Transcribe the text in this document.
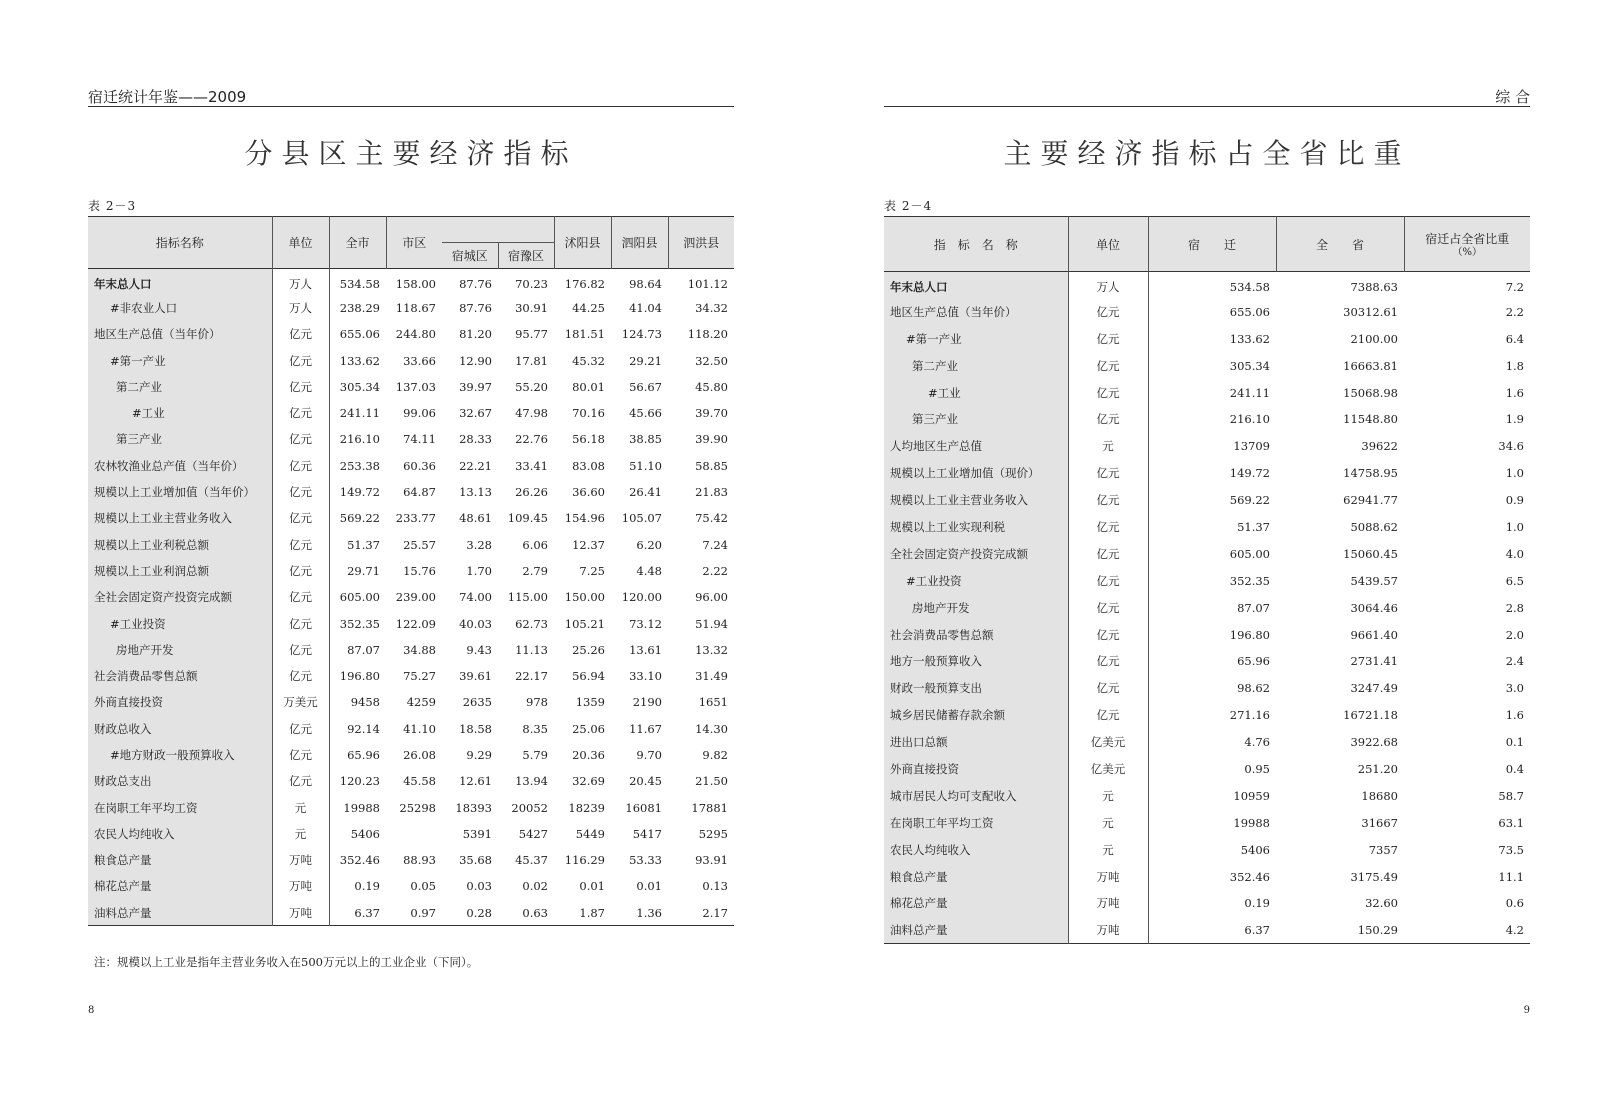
宿迁统计年鉴——2009
分县区主要经济指标
表 2－3
指标名称	单位	全市	市区			沭阳县	泗阳县	泗洪县
				宿城区	宿豫区			
年末总人口	万人	534.58	158.00	87.76	70.23	176.82	98.64	101.12
#非农业人口	万人	238.29	118.67	87.76	30.91	44.25	41.04	34.32
地区生产总值（当年价）	亿元	655.06	244.80	81.20	95.77	181.51	124.73	118.20
#第一产业	亿元	133.62	33.66	12.90	17.81	45.32	29.21	32.50
第二产业	亿元	305.34	137.03	39.97	55.20	80.01	56.67	45.80
#工业	亿元	241.11	99.06	32.67	47.98	70.16	45.66	39.70
第三产业	亿元	216.10	74.11	28.33	22.76	56.18	38.85	39.90
农林牧渔业总产值（当年价）	亿元	253.38	60.36	22.21	33.41	83.08	51.10	58.85
规模以上工业增加值（当年价）	亿元	149.72	64.87	13.13	26.26	36.60	26.41	21.83
规模以上工业主营业务收入	亿元	569.22	233.77	48.61	109.45	154.96	105.07	75.42
规模以上工业利税总额	亿元	51.37	25.57	3.28	6.06	12.37	6.20	7.24
规模以上工业利润总额	亿元	29.71	15.76	1.70	2.79	7.25	4.48	2.22
全社会固定资产投资完成额	亿元	605.00	239.00	74.00	115.00	150.00	120.00	96.00
#工业投资	亿元	352.35	122.09	40.03	62.73	105.21	73.12	51.94
房地产开发	亿元	87.07	34.88	9.43	11.13	25.26	13.61	13.32
社会消费品零售总额	亿元	196.80	75.27	39.61	22.17	56.94	33.10	31.49
外商直接投资	万美元	9458	4259	2635	978	1359	2190	1651
财政总收入	亿元	92.14	41.10	18.58	8.35	25.06	11.67	14.30
#地方财政一般预算收入	亿元	65.96	26.08	9.29	5.79	20.36	9.70	9.82
财政总支出	亿元	120.23	45.58	12.61	13.94	32.69	20.45	21.50
在岗职工年平均工资	元	19988	25298	18393	20052	18239	16081	17881
农民人均纯收入	元	5406		5391	5427	5449	5417	5295
粮食总产量	万吨	352.46	88.93	35.68	45.37	116.29	53.33	93.91
棉花总产量	万吨	0.19	0.05	0.03	0.02	0.01	0.01	0.13
油料总产量	万吨	6.37	0.97	0.28	0.63	1.87	1.36	2.17
注：规模以上工业是指年主营业务收入在500万元以上的工业企业（下同）。
8
综 合
主要经济指标占全省比重
表 2－4
指　标　名　称	单位	宿　　迁	全　　省	宿迁占全省比重
（%）

年末总人口	万人	534.58	7388.63	7.2
地区生产总值（当年价）	亿元	655.06	30312.61	2.2
#第一产业	亿元	133.62	2100.00	6.4
第二产业	亿元	305.34	16663.81	1.8
#工业	亿元	241.11	15068.98	1.6
第三产业	亿元	216.10	11548.80	1.9
人均地区生产总值	元	13709	39622	34.6
规模以上工业增加值（现价）	亿元	149.72	14758.95	1.0
规模以上工业主营业务收入	亿元	569.22	62941.77	0.9
规模以上工业实现利税	亿元	51.37	5088.62	1.0
全社会固定资产投资完成额	亿元	605.00	15060.45	4.0
#工业投资	亿元	352.35	5439.57	6.5
房地产开发	亿元	87.07	3064.46	2.8
社会消费品零售总额	亿元	196.80	9661.40	2.0
地方一般预算收入	亿元	65.96	2731.41	2.4
财政一般预算支出	亿元	98.62	3247.49	3.0
城乡居民储蓄存款余额	亿元	271.16	16721.18	1.6
进出口总额	亿美元	4.76	3922.68	0.1
外商直接投资	亿美元	0.95	251.20	0.4
城市居民人均可支配收入	元	10959	18680	58.7
在岗职工年平均工资	元	19988	31667	63.1
农民人均纯收入	元	5406	7357	73.5
粮食总产量	万吨	352.46	3175.49	11.1
棉花总产量	万吨	0.19	32.60	0.6
油料总产量	万吨	6.37	150.29	4.2
9
